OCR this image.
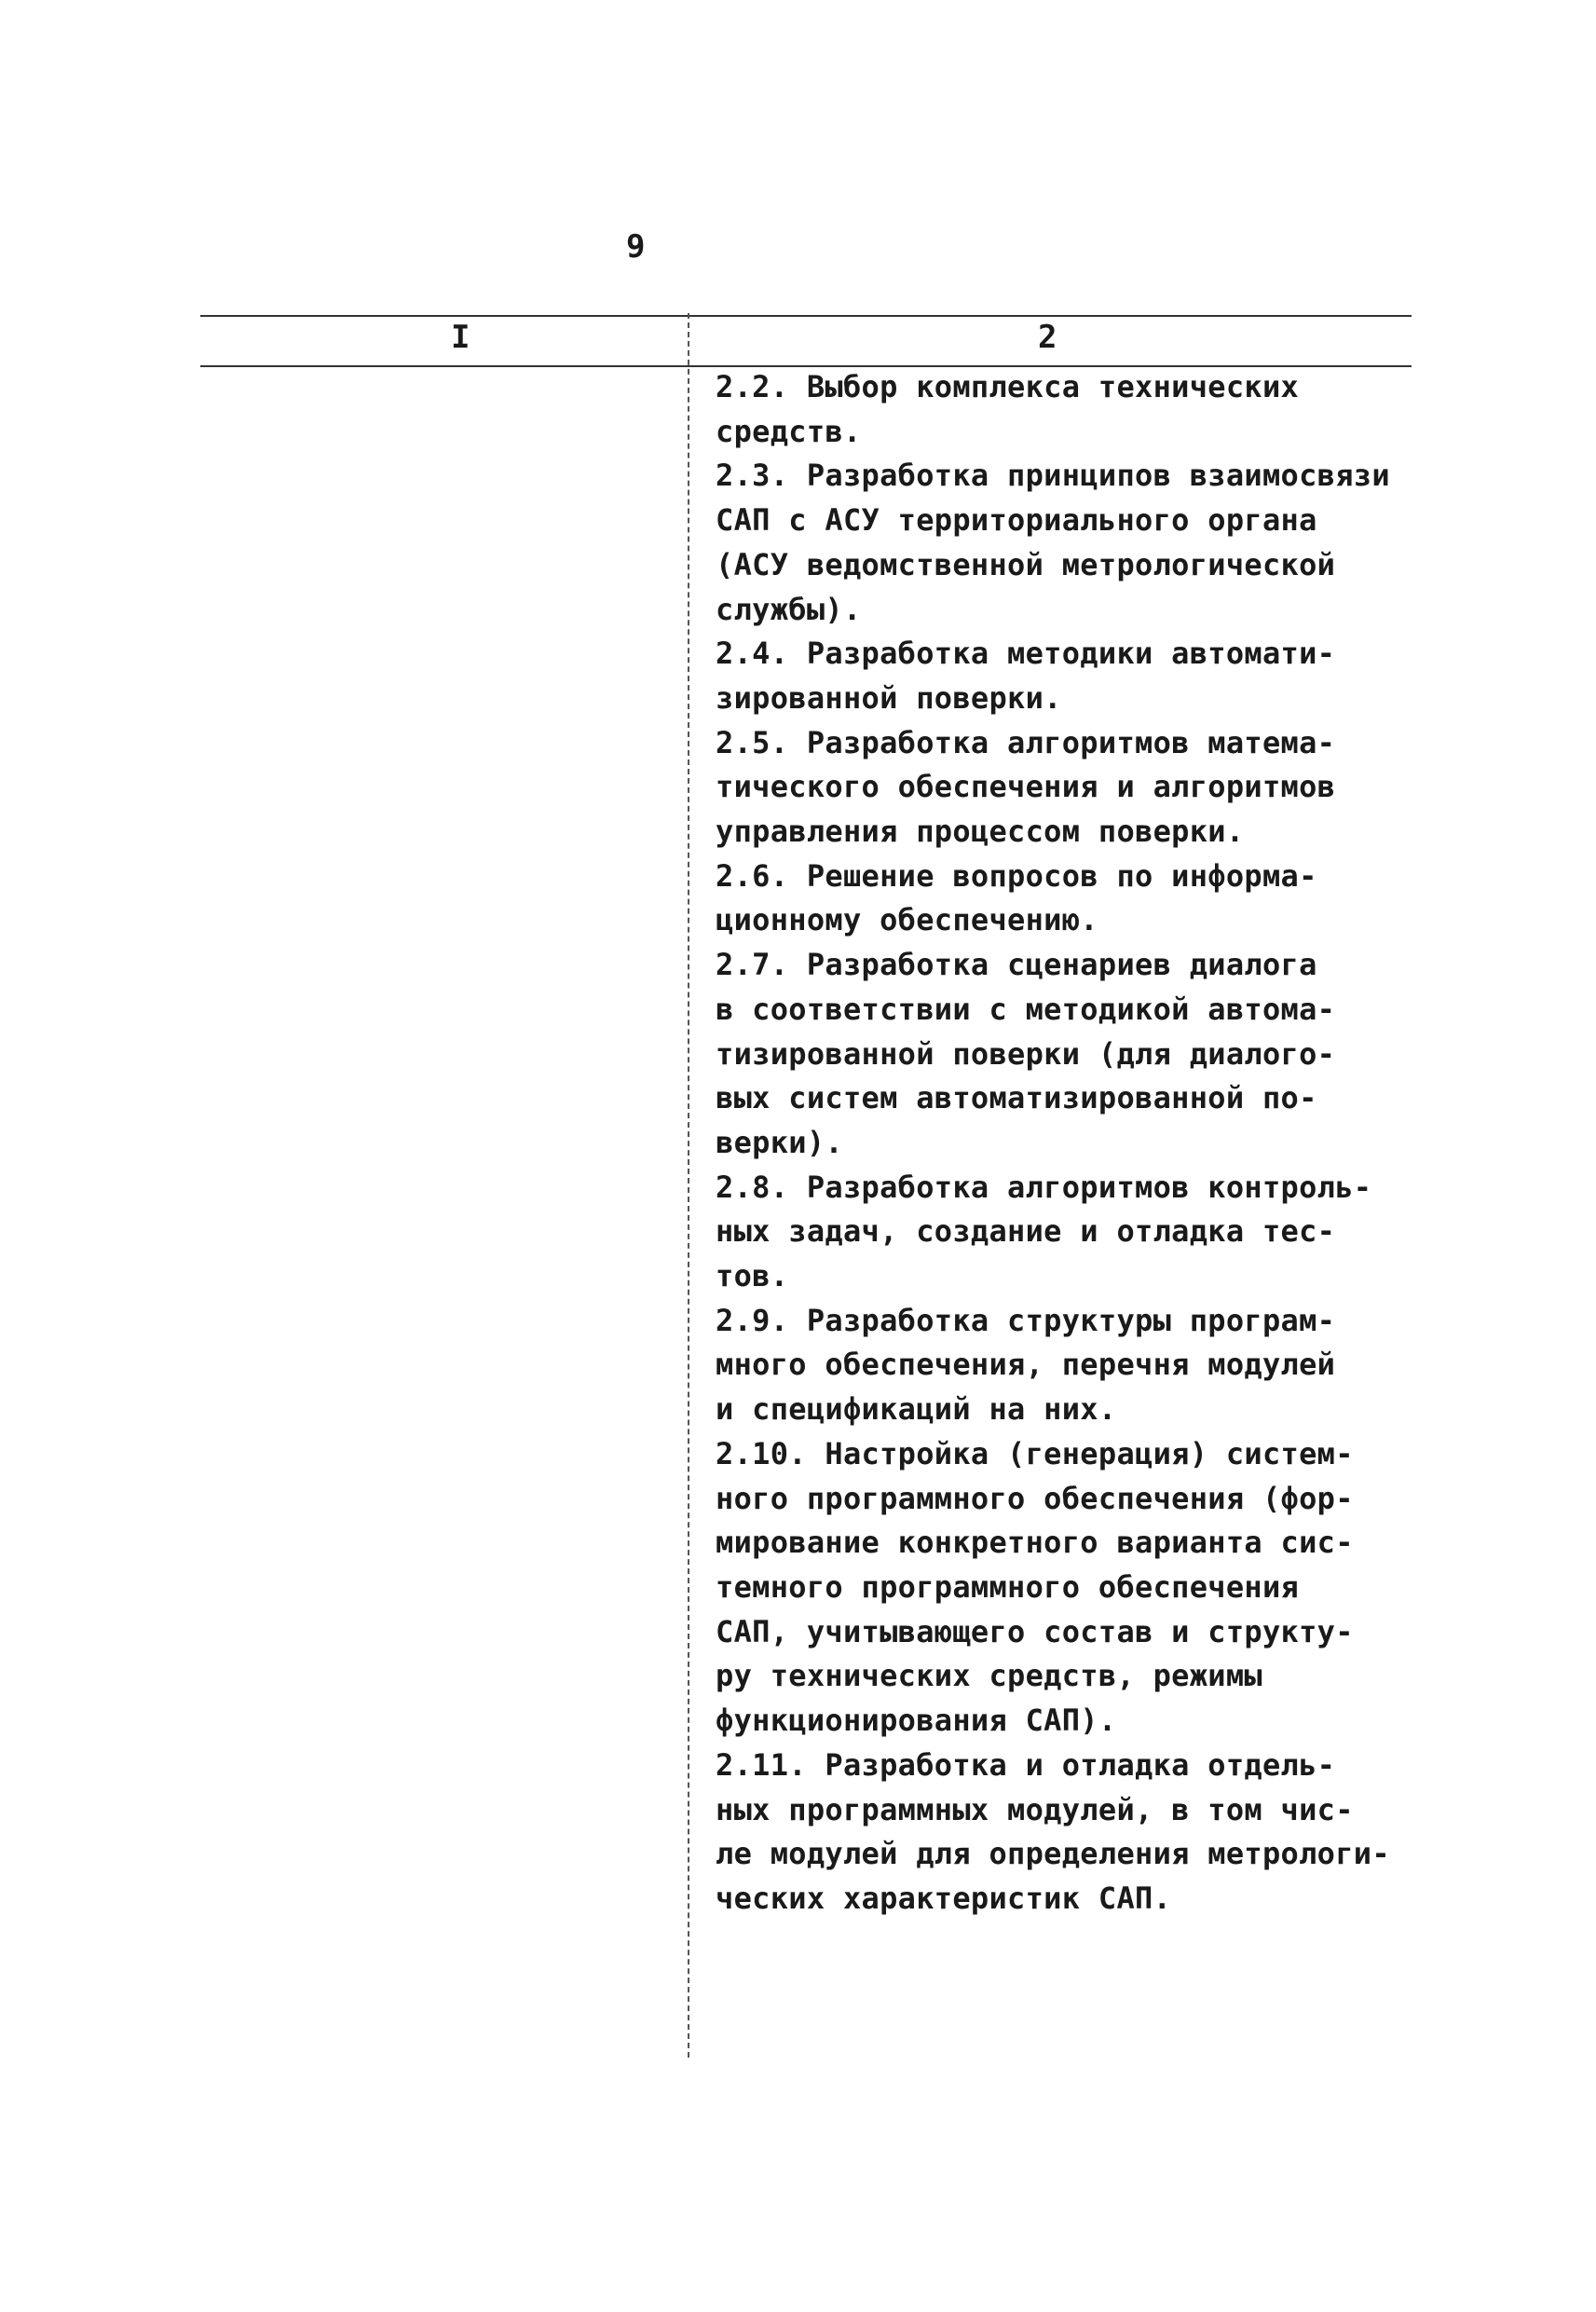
9
I	2
2.2. Выбор комплекса технических
средств.
2.3. Разработка принципов взаимосвязи
САП с АСУ территориального органа
(АСУ ведомственной метрологической
службы).
2.4. Разработка методики автомати-
зированной поверки.
2.5. Разработка алгоритмов матема-
тического обеспечения и алгоритмов
управления процессом поверки.
2.6. Решение вопросов по информа-
ционному обеспечению.
2.7. Разработка сценариев диалога
в соответствии с методикой автома-
тизированной поверки (для диалого-
вых систем автоматизированной по-
верки).
2.8. Разработка алгоритмов контроль-
ных задач, создание и отладка тес-
тов.
2.9. Разработка структуры програм-
много обеспечения, перечня модулей
и спецификаций на них.
2.10. Настройка (генерация) систем-
ного программного обеспечения (фор-
мирование конкретного варианта сис-
темного программного обеспечения
САП, учитывающего состав и структу-
ру технических средств, режимы
функционирования САП).
2.11. Разработка и отладка отдель-
ных программных модулей, в том чис-
ле модулей для определения метрологи-
ческих характеристик САП.
